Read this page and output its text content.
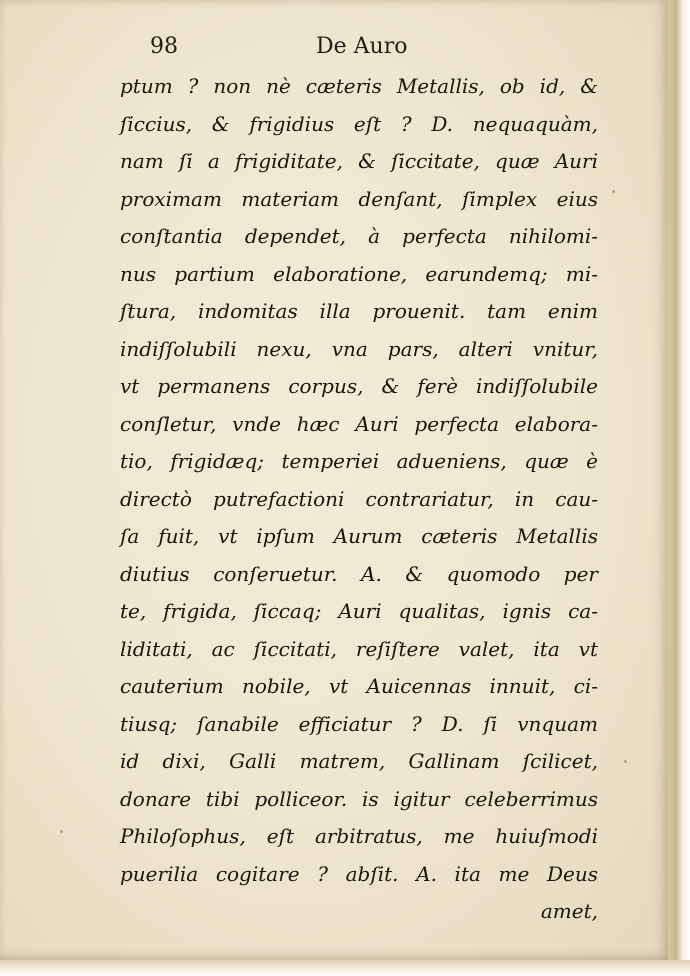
98	De Auro
ptum ? non nè cæteris Metallis, ob id, &
ſiccius, & frigidius eſt ? D. nequaquàm,
nam ſi a frigiditate, & ſiccitate, quæ Auri
proximam materiam denſant, ſimplex eius
conſtantia dependet, à perfecta nihilomi-
nus partium elaboratione, earundemq; mi-
ſtura, indomitas illa prouenit. tam enim
indiſſolubili nexu, vna pars, alteri vnitur,
vt permanens corpus, & ferè indiſſolubile
conſletur, vnde hæc Auri perfecta elabora-
tio, frigidæq; temperiei adueniens, quæ è
directò putrefactioni contrariatur, in cau-
ſa fuit, vt ipſum Aurum cæteris Metallis
diutius conſeruetur. A. & quomodo per
te, frigida, ſiccaq; Auri qualitas, ignis ca-
liditati, ac ſiccitati, reſiſtere valet, ita vt
cauterium nobile, vt Auicennas innuit, ci-
tiusq; ſanabile efficiatur ? D. ſi vnquam
id dixi, Galli matrem, Gallinam ſcilicet,
donare tibi polliceor. is igitur celeberrimus
Philoſophus, eſt arbitratus, me huiuſmodi
puerilia cogitare ? abſit. A. ita me Deus
amet,
